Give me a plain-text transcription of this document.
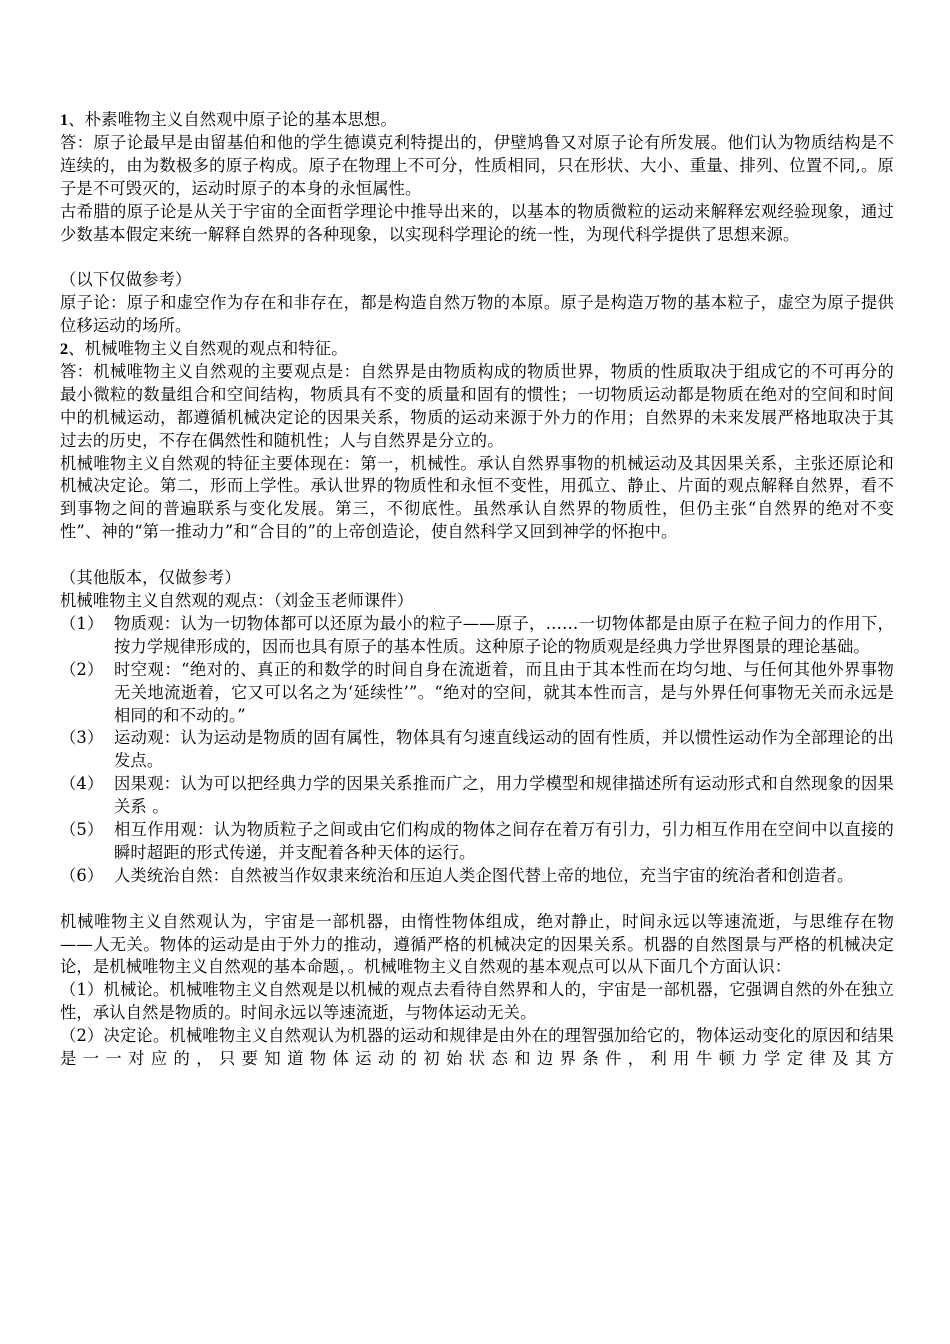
1、朴素唯物主义自然观中原子论的基本思想。

答：原子论最早是由留基伯和他的学生德谟克利特提出的，伊壁鸠鲁又对原子论有所发展。他们认为物质结构是不连续的，由为数极多的原子构成。原子在物理上不可分，性质相同，只在形状、大小、重量、排列、位置不同,。原子是不可毁灭的，运动时原子的本身的永恒属性。

古希腊的原子论是从关于宇宙的全面哲学理论中推导出来的，以基本的物质微粒的运动来解释宏观经验现象，通过少数基本假定来统一解释自然界的各种现象，以实现科学理论的统一性，为现代科学提供了思想来源。

（以下仅做参考）

原子论：原子和虚空作为存在和非存在，都是构造自然万物的本原。原子是构造万物的基本粒子，虚空为原子提供位移运动的场所。

2、机械唯物主义自然观的观点和特征。

答：机械唯物主义自然观的主要观点是：自然界是由物质构成的物质世界，物质的性质取决于组成它的不可再分的最小微粒的数量组合和空间结构，物质具有不变的质量和固有的惯性；一切物质运动都是物质在绝对的空间和时间中的机械运动，都遵循机械决定论的因果关系，物质的运动来源于外力的作用；自然界的未来发展严格地取决于其过去的历史，不存在偶然性和随机性；人与自然界是分立的。

机械唯物主义自然观的特征主要体现在：第一，机械性。承认自然界事物的机械运动及其因果关系，主张还原论和机械决定论。第二，形而上学性。承认世界的物质性和永恒不变性，用孤立、静止、片面的观点解释自然界，看不到事物之间的普遍联系与变化发展。第三，不彻底性。虽然承认自然界的物质性，但仍主张“自然界的绝对不变性”、神的“第一推动力”和“合目的”的上帝创造论，使自然科学又回到神学的怀抱中。

（其他版本，仅做参考）

机械唯物主义自然观的观点：（刘金玉老师课件）

（1） 物质观：认为一切物体都可以还原为最小的粒子——原子，……一切物体都是由原子在粒子间力的作用下，按力学规律形成的，因而也具有原子的基本性质。这种原子论的物质观是经典力学世界图景的理论基础。
（2） 时空观：“绝对的、真正的和数学的时间自身在流逝着，而且由于其本性而在均匀地、与任何其他外界事物无关地流逝着，它又可以名之为‘延续性’”。“绝对的空间，就其本性而言，是与外界任何事物无关而永远是相同的和不动的。”
（3） 运动观：认为运动是物质的固有属性，物体具有匀速直线运动的固有性质，并以惯性运动作为全部理论的出发点。
（4） 因果观：认为可以把经典力学的因果关系推而广之，用力学模型和规律描述所有运动形式和自然现象的因果关系 。
（5） 相互作用观：认为物质粒子之间或由它们构成的物体之间存在着万有引力，引力相互作用在空间中以直接的瞬时超距的形式传递，并支配着各种天体的运行。
（6） 人类统治自然：自然被当作奴隶来统治和压迫人类企图代替上帝的地位，充当宇宙的统治者和创造者。

机械唯物主义自然观认为，宇宙是一部机器，由惰性物体组成，绝对静止，时间永远以等速流逝，与思维存在物——人无关。物体的运动是由于外力的推动，遵循严格的机械决定的因果关系。机器的自然图景与严格的机械决定论，是机械唯物主义自然观的基本命题，。机械唯物主义自然观的基本观点可以从下面几个方面认识：

（1）机械论。机械唯物主义自然观是以机械的观点去看待自然界和人的，宇宙是一部机器，它强调自然的外在独立性，承认自然是物质的。时间永远以等速流逝，与物体运动无关。

（2）决定论。机械唯物主义自然观认为机器的运动和规律是由外在的理智强加给它的，物体运动变化的原因和结果是一一对应的，只要知道物体运动的初始状态和边界条件，利用牛顿力学定律及其方
